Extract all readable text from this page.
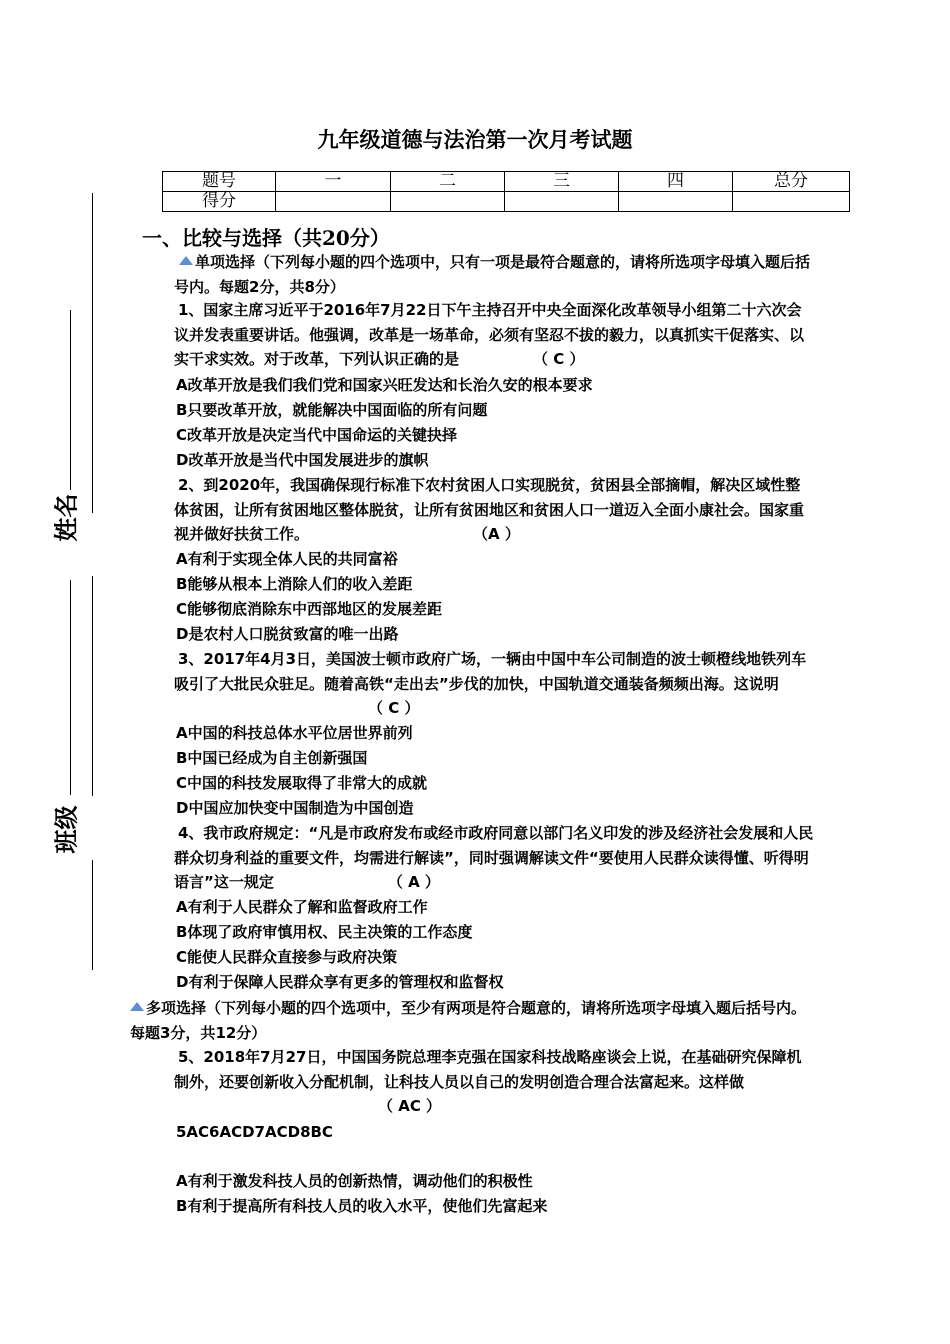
九年级道德与法治第一次月考试题
题号	一	二	三	四	总分
得分					
姓名
班级
一、比较与选择（共20分）
单项选择（下列每小题的四个选项中，只有一项是最符合题意的，请将所选项字母填入题后括号内。每题2分，共8分）
1、国家主席习近平于2016年7月22日下午主持召开中央全面深化改革领导小组第二十六次会议并发表重要讲话。他强调，改革是一场革命，必须有坚忍不拔的毅力，以真抓实干促落实、以实干求实效。对于改革，下列认识正确的是	（ C ）
A改革开放是我们我们党和国家兴旺发达和长治久安的根本要求
B只要改革开放，就能解决中国面临的所有问题
C改革开放是决定当代中国命运的关键抉择
D改革开放是当代中国发展进步的旗帜
2、到2020年，我国确保现行标准下农村贫困人口实现脱贫，贫困县全部摘帽，解决区域性整体贫困，让所有贫困地区整体脱贫，让所有贫困地区和贫困人口一道迈入全面小康社会。国家重视并做好扶贫工作。	（A ）
A有利于实现全体人民的共同富裕
B能够从根本上消除人们的收入差距
C能够彻底消除东中西部地区的发展差距
D是农村人口脱贫致富的唯一出路
3、2017年4月3日，美国波士顿市政府广场，一辆由中国中车公司制造的波士顿橙线地铁列车吸引了大批民众驻足。随着高铁“走出去”步伐的加快，中国轨道交通装备频频出海。这说明（ C ）
A中国的科技总体水平位居世界前列
B中国已经成为自主创新强国
C中国的科技发展取得了非常大的成就
D中国应加快变中国制造为中国创造
4、我市政府规定：“凡是市政府发布或经市政府同意以部门名义印发的涉及经济社会发展和人民群众切身利益的重要文件，均需进行解读”，同时强调解读文件“要使用人民群众读得懂、听得明语言”这一规定	（ A ）
A有利于人民群众了解和监督政府工作
B体现了政府审慎用权、民主决策的工作态度
C能使人民群众直接参与政府决策
D有利于保障人民群众享有更多的管理权和监督权
多项选择（下列每小题的四个选项中，至少有两项是符合题意的，请将所选项字母填入题后括号内。每题3分，共12分）
5、2018年7月27日，中国国务院总理李克强在国家科技战略座谈会上说，在基础研究保障机制外，还要创新收入分配机制，让科技人员以自己的发明创造合理合法富起来。这样做（ AC ）
5AC6ACD7ACD8BC
A有利于激发科技人员的创新热情，调动他们的积极性
B有利于提高所有科技人员的收入水平，使他们先富起来
